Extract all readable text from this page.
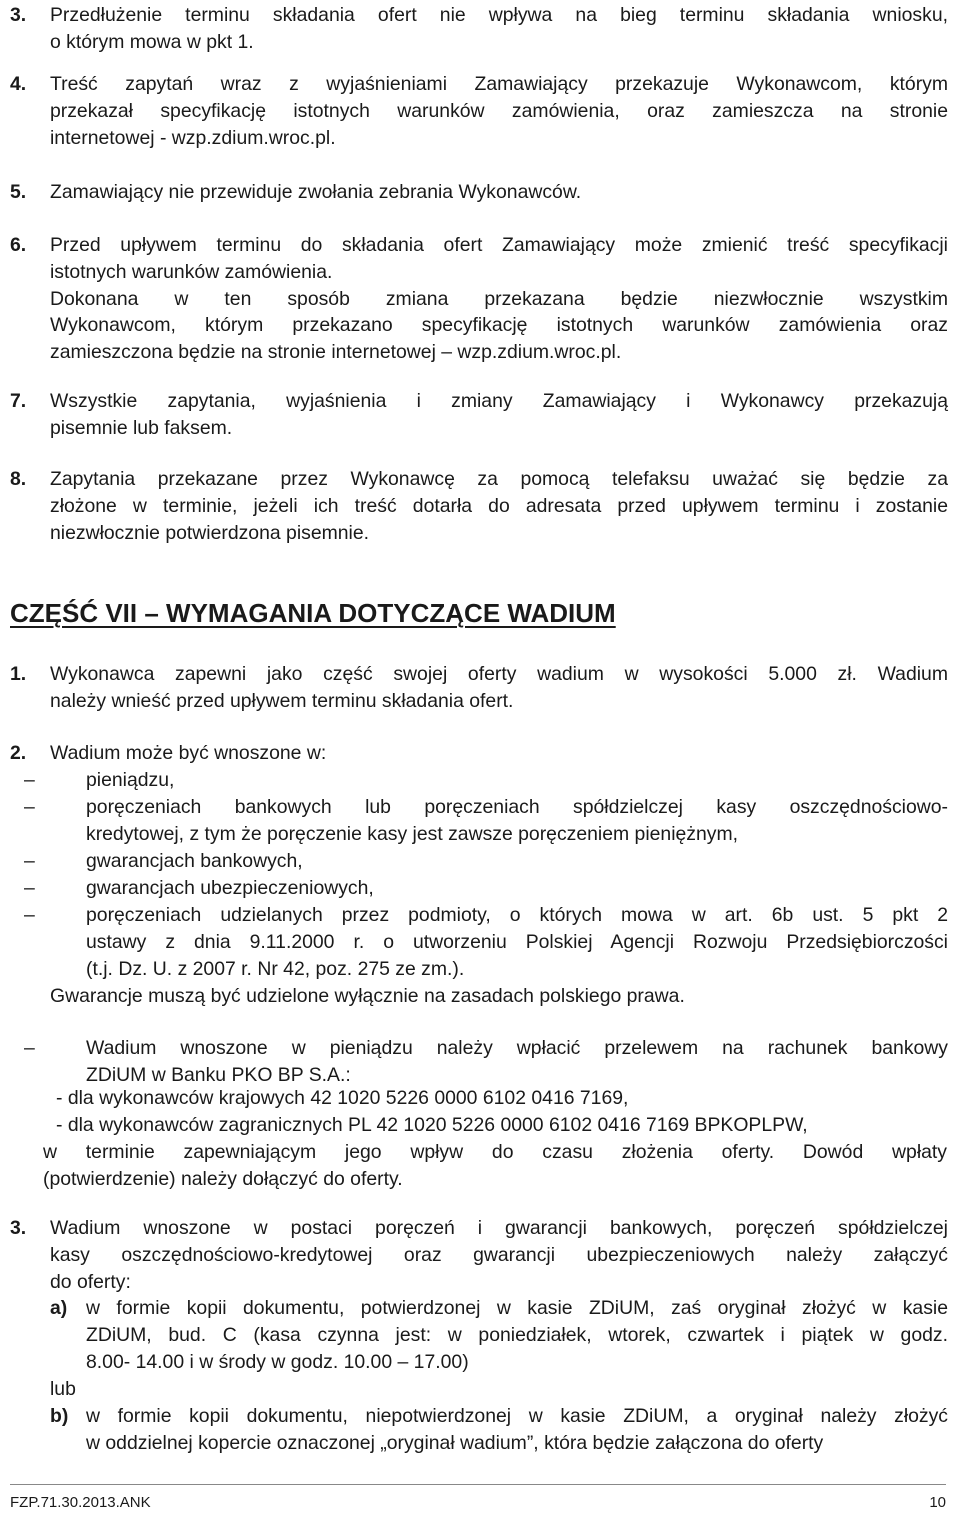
3.	Przedłużenie terminu składania ofert nie wpływa na bieg terminu składania wniosku,
o którym mowa w pkt 1.
4.	Treść zapytań wraz z wyjaśnieniami Zamawiający przekazuje Wykonawcom, którym
przekazał specyfikację istotnych warunków zamówienia, oraz zamieszcza na stronie
internetowej - wzp.zdium.wroc.pl.
5.	Zamawiający nie przewiduje zwołania zebrania Wykonawców.
6.	Przed upływem terminu do składania ofert Zamawiający może zmienić treść specyfikacji
istotnych warunków zamówienia.
Dokonana w ten sposób zmiana przekazana będzie niezwłocznie wszystkim
Wykonawcom, którym przekazano specyfikację istotnych warunków zamówienia oraz
zamieszczona będzie na stronie internetowej – wzp.zdium.wroc.pl.
7.	Wszystkie zapytania, wyjaśnienia i zmiany Zamawiający i Wykonawcy przekazują
pisemnie lub faksem.
8.	Zapytania przekazane przez Wykonawcę za pomocą telefaksu uważać się będzie za
złożone w terminie, jeżeli ich treść dotarła do adresata przed upływem terminu i zostanie
niezwłocznie potwierdzona pisemnie.
CZĘŚĆ VII – WYMAGANIA DOTYCZĄCE WADIUM
1.	Wykonawca zapewni jako część swojej oferty wadium w wysokości 5.000 zł. Wadium
należy wnieść przed upływem terminu składania ofert.
2.	Wadium może być wnoszone w:
–	pieniądzu,
–	poręczeniach bankowych lub poręczeniach spółdzielczej kasy oszczędnościowo-
kredytowej, z tym że poręczenie kasy jest zawsze poręczeniem pieniężnym,
–	gwarancjach bankowych,
–	gwarancjach ubezpieczeniowych,
–	poręczeniach udzielanych przez podmioty, o których mowa w art. 6b ust. 5 pkt 2
ustawy z dnia 9.11.2000 r. o utworzeniu Polskiej Agencji Rozwoju Przedsiębiorczości
(t.j. Dz. U. z 2007 r. Nr 42, poz. 275 ze zm.).
Gwarancje muszą być udzielone wyłącznie na zasadach polskiego prawa.
–	Wadium wnoszone w pieniądzu należy wpłacić przelewem na rachunek bankowy
ZDiUM w Banku PKO BP S.A.:
- dla wykonawców krajowych 42 1020 5226 0000 6102 0416 7169,
- dla wykonawców zagranicznych PL 42 1020 5226 0000 6102 0416 7169 BPKOPLPW,
w terminie zapewniającym jego wpływ do czasu złożenia oferty. Dowód wpłaty
(potwierdzenie) należy dołączyć do oferty.
3.	Wadium wnoszone w postaci poręczeń i gwarancji bankowych, poręczeń spółdzielczej
kasy oszczędnościowo-kredytowej oraz gwarancji ubezpieczeniowych należy załączyć
do oferty:
a) w formie kopii dokumentu, potwierdzonej w kasie ZDiUM, zaś oryginał złożyć w kasie
ZDiUM, bud. C (kasa czynna jest: w poniedziałek, wtorek, czwartek i piątek w godz.
8.00- 14.00 i w środy w godz. 10.00 – 17.00)
lub
b) w formie kopii dokumentu, niepotwierdzonej w kasie ZDiUM, a oryginał należy złożyć
w oddzielnej kopercie oznaczonej „oryginał wadium”, która będzie załączona do oferty
FZP.71.30.2013.ANK	10
